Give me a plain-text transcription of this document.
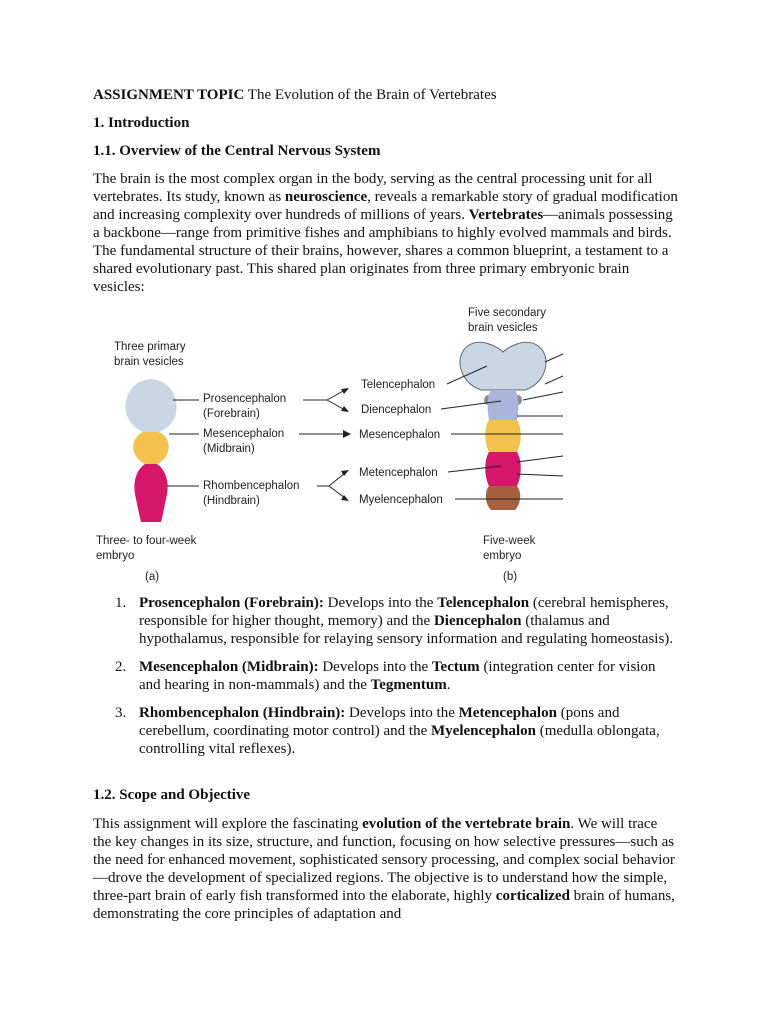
ASSIGNMENT TOPIC The Evolution of the Brain of Vertebrates

1. Introduction

1.1. Overview of the Central Nervous System

The brain is the most complex organ in the body, serving as the central processing unit for all vertebrates. Its study, known as neuroscience, reveals a remarkable story of gradual modification and increasing complexity over hundreds of millions of years. Vertebrates—animals possessing a backbone—range from primitive fishes and amphibians to highly evolved mammals and birds. The fundamental structure of their brains, however, shares a common blueprint, a testament to a shared evolutionary past. This shared plan originates from three primary embryonic brain vesicles:

Three primary
brain vesicles
Five secondary
brain vesicles
Prosencephalon
(Forebrain)
Mesencephalon
(Midbrain)
Rhombencephalon
(Hindbrain)
Telencephalon
Diencephalon
Mesencephalon
Metencephalon
Myelencephalon
Three- to four-week
embryo
(a)
Five-week
embryo
(b)
1. Prosencephalon (Forebrain): Develops into the Telencephalon (cerebral hemispheres, responsible for higher thought, memory) and the Diencephalon (thalamus and hypothalamus, responsible for relaying sensory information and regulating homeostasis).
2. Mesencephalon (Midbrain): Develops into the Tectum (integration center for vision and hearing in non-mammals) and the Tegmentum.
3. Rhombencephalon (Hindbrain): Develops into the Metencephalon (pons and cerebellum, coordinating motor control) and the Myelencephalon (medulla oblongata, controlling vital reflexes).

1.2. Scope and Objective

This assignment will explore the fascinating evolution of the vertebrate brain. We will trace the key changes in its size, structure, and function, focusing on how selective pressures—such as the need for enhanced movement, sophisticated sensory processing, and complex social behavior—drove the development of specialized regions. The objective is to understand how the simple, three-part brain of early fish transformed into the elaborate, highly corticalized brain of humans, demonstrating the core principles of adaptation and
